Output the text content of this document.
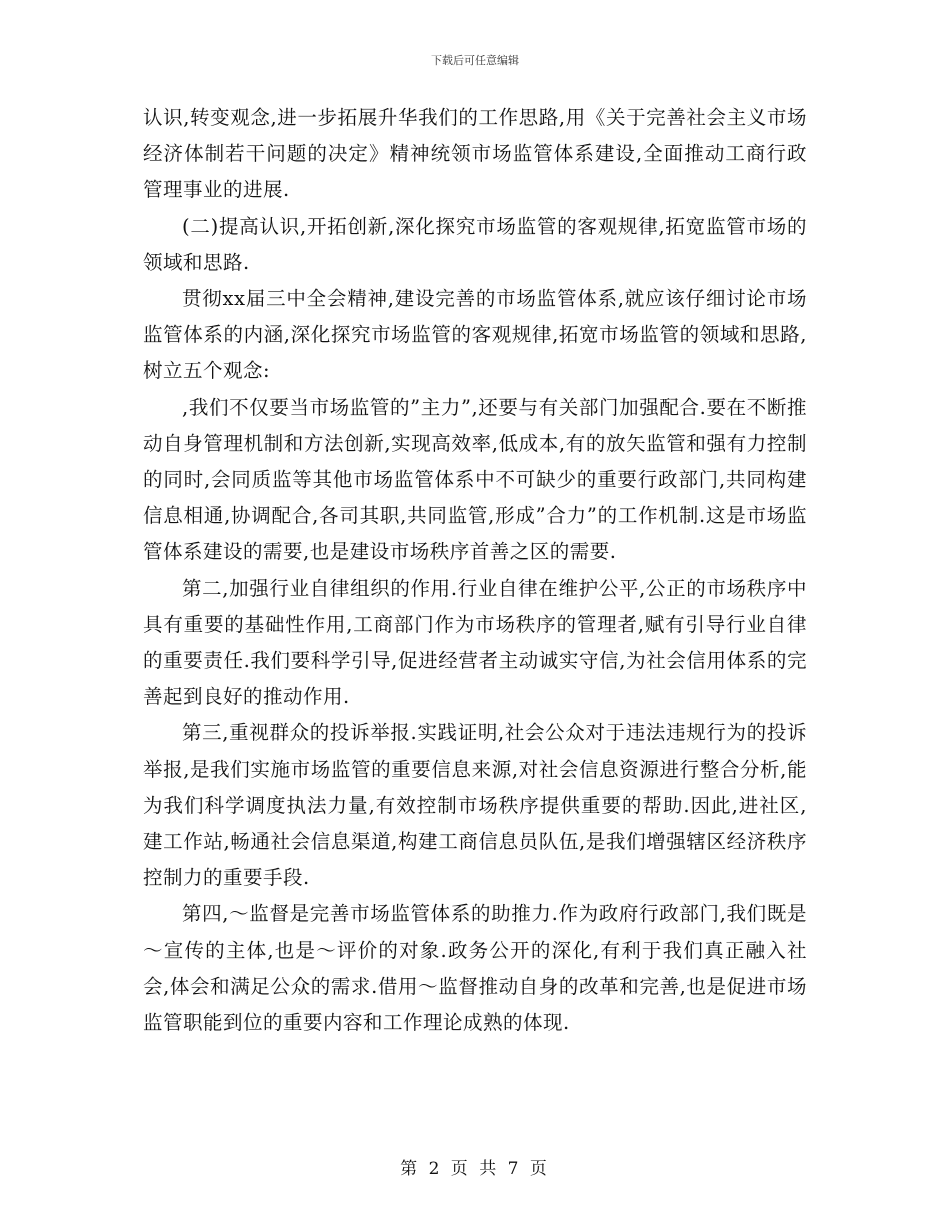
下载后可任意编辑

认识,转变观念,进一步拓展升华我们的工作思路,用《关于完善社会主义市场经济体制若干问题的决定》精神统领市场监管体系建设,全面推动工商行政管理事业的进展.

(二)提高认识,开拓创新,深化探究市场监管的客观规律,拓宽监管市场的领域和思路.

贯彻xx届三中全会精神,建设完善的市场监管体系,就应该仔细讨论市场监管体系的内涵,深化探究市场监管的客观规律,拓宽市场监管的领域和思路,树立五个观念:

,我们不仅要当市场监管的”主力”,还要与有关部门加强配合.要在不断推动自身管理机制和方法创新,实现高效率,低成本,有的放矢监管和强有力控制的同时,会同质监等其他市场监管体系中不可缺少的重要行政部门,共同构建信息相通,协调配合,各司其职,共同监管,形成”合力”的工作机制.这是市场监管体系建设的需要,也是建设市场秩序首善之区的需要.

第二,加强行业自律组织的作用.行业自律在维护公平,公正的市场秩序中具有重要的基础性作用,工商部门作为市场秩序的管理者,赋有引导行业自律的重要责任.我们要科学引导,促进经营者主动诚实守信,为社会信用体系的完善起到良好的推动作用.

第三,重视群众的投诉举报.实践证明,社会公众对于违法违规行为的投诉举报,是我们实施市场监管的重要信息来源,对社会信息资源进行整合分析,能为我们科学调度执法力量,有效控制市场秩序提供重要的帮助.因此,进社区,建工作站,畅通社会信息渠道,构建工商信息员队伍,是我们增强辖区经济秩序控制力的重要手段.

第四,～监督是完善市场监管体系的助推力.作为政府行政部门,我们既是～宣传的主体,也是～评价的对象.政务公开的深化,有利于我们真正融入社会,体会和满足公众的需求.借用～监督推动自身的改革和完善,也是促进市场监管职能到位的重要内容和工作理论成熟的体现.

第 2 页 共 7 页
